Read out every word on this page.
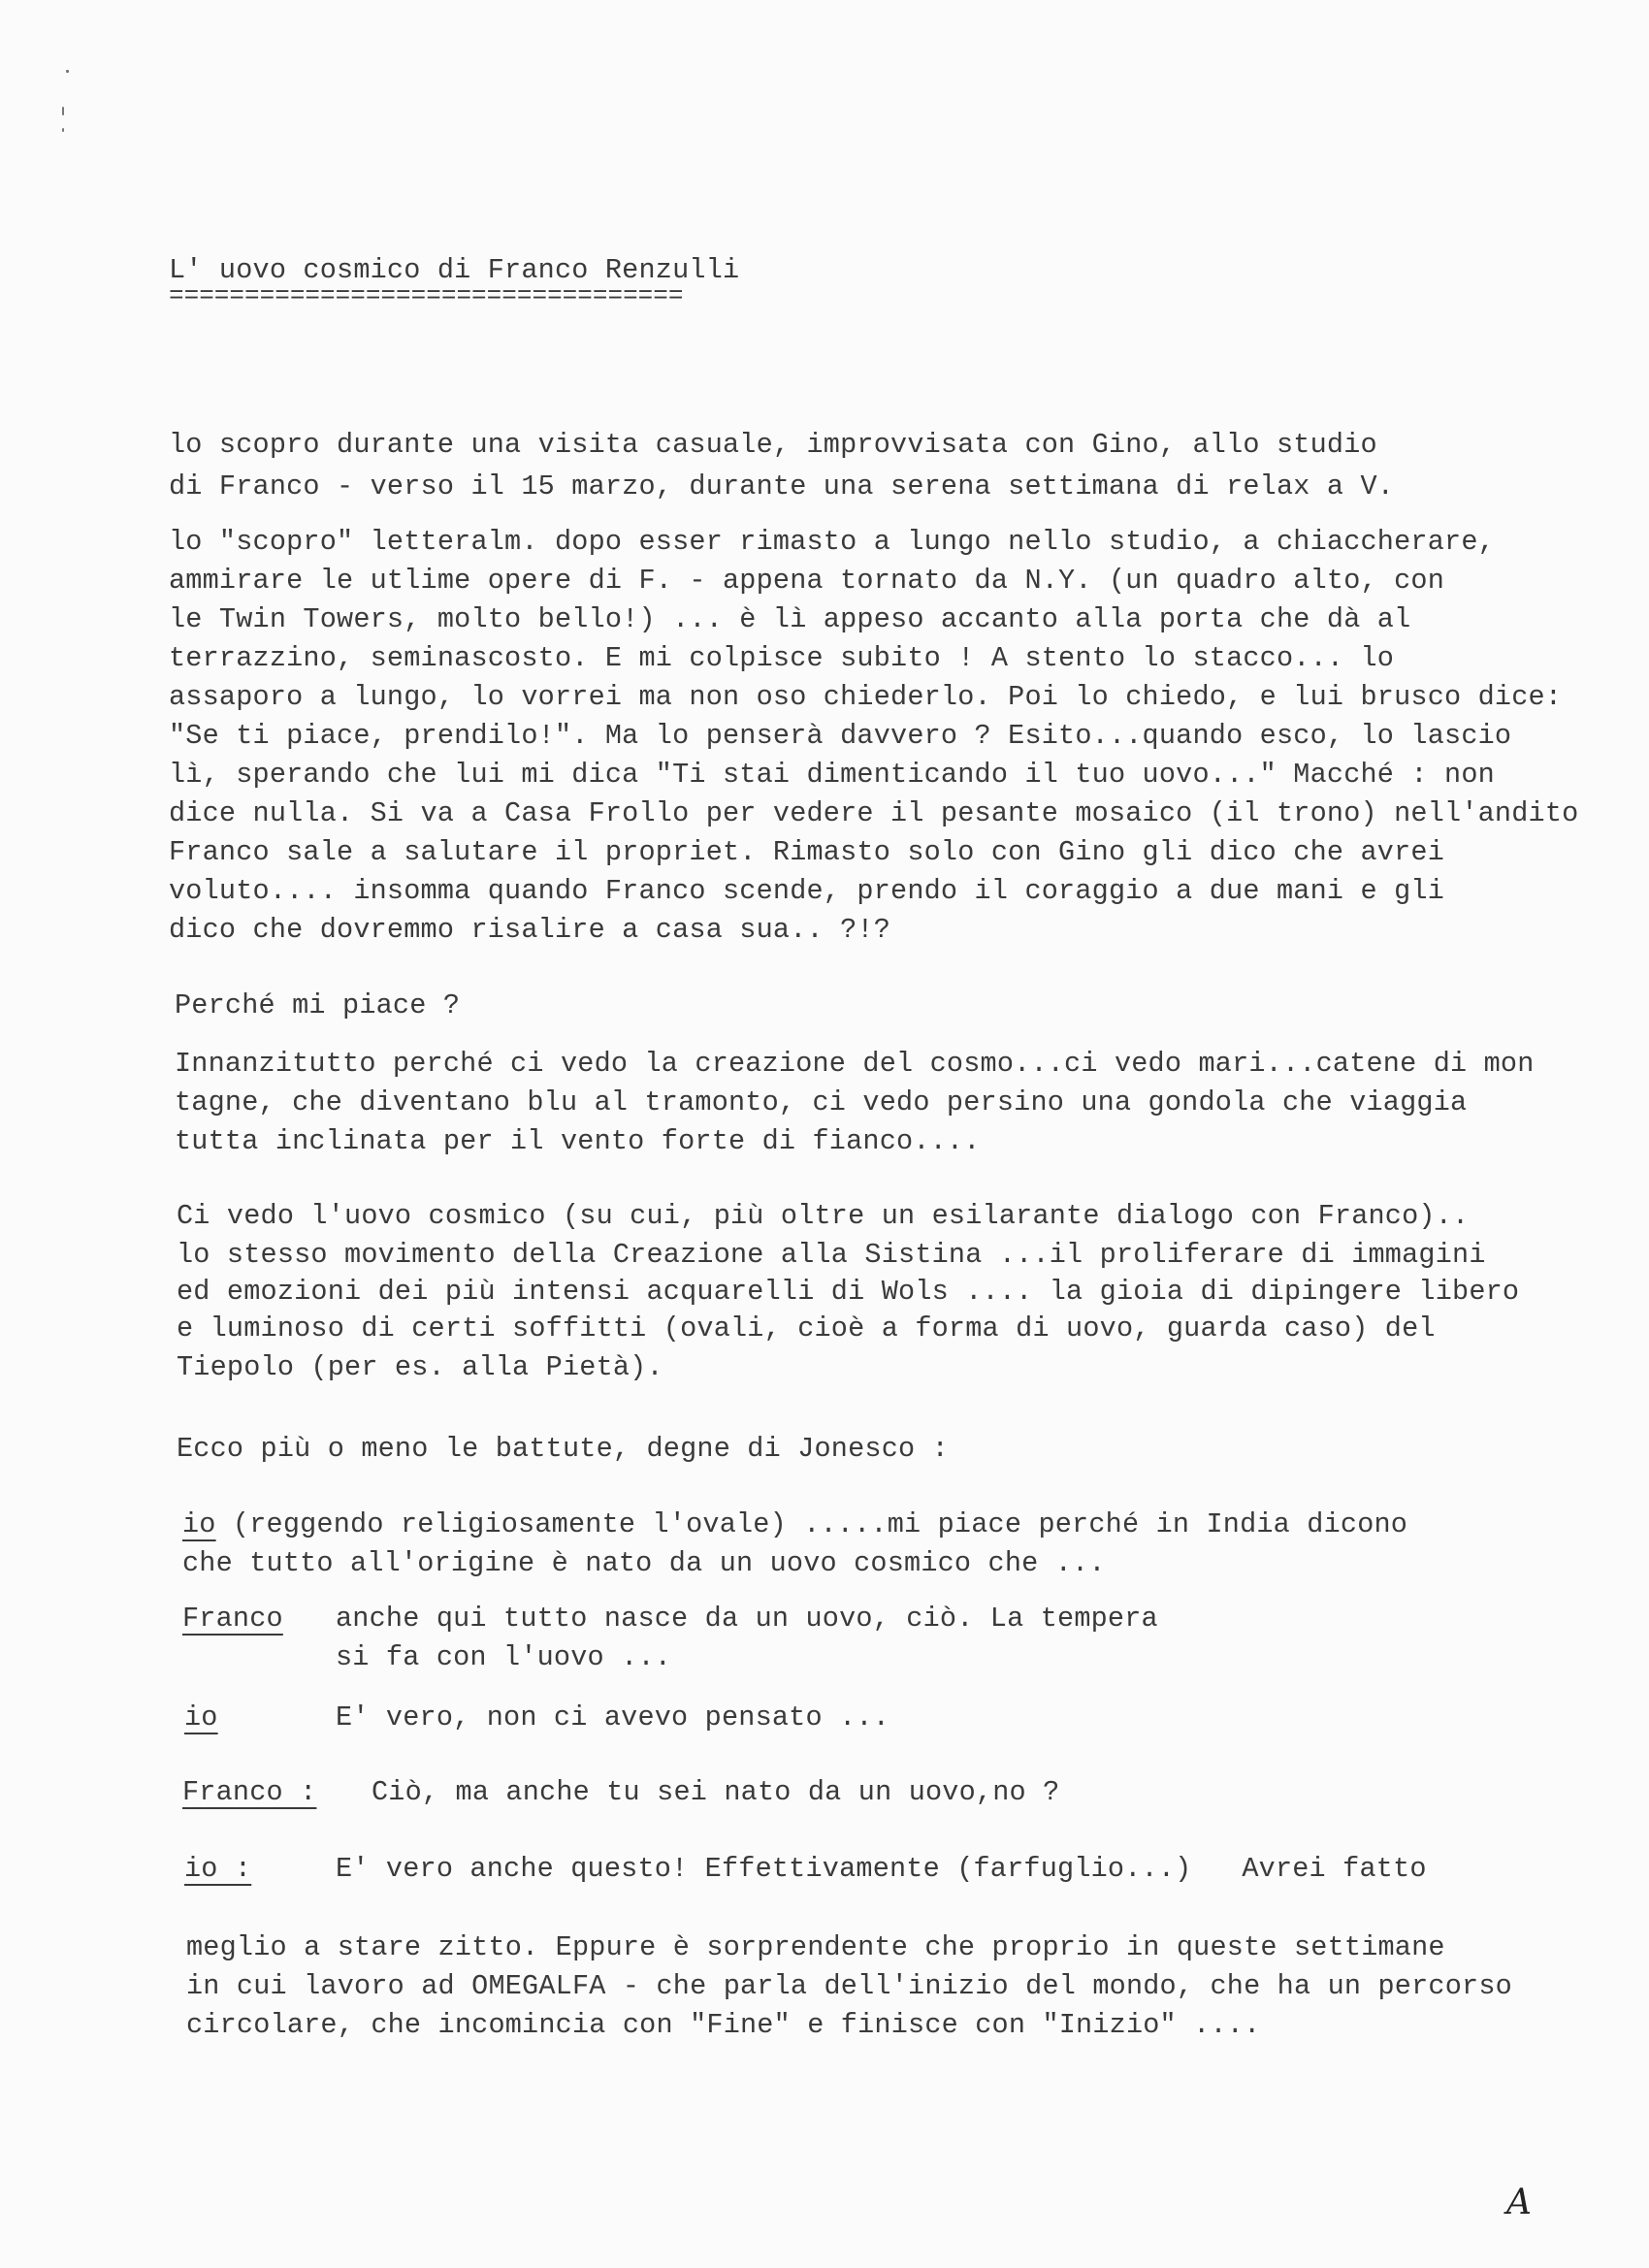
L' uovo cosmico di Franco Renzulli
==================================
lo scopro durante una visita casuale, improvvisata con Gino, allo studio
di Franco - verso il 15 marzo, durante una serena settimana di relax a V.
lo "scopro" letteralm. dopo esser rimasto a lungo nello studio, a chiaccherare,
ammirare le utlime opere di F. - appena tornato da N.Y. (un quadro alto, con
le Twin Towers, molto bello!) ... è lì appeso accanto alla porta che dà al
terrazzino, seminascosto. E mi colpisce subito ! A stento lo stacco... lo
assaporo a lungo, lo vorrei ma non oso chiederlo. Poi lo chiedo, e lui brusco dice:
"Se ti piace, prendilo!". Ma lo penserà davvero ? Esito...quando esco, lo lascio
lì, sperando che lui mi dica "Ti stai dimenticando il tuo uovo..." Macché : non
dice nulla. Si va a Casa Frollo per vedere il pesante mosaico (il trono) nell'andito
Franco sale a salutare il propriet. Rimasto solo con Gino gli dico che avrei
voluto.... insomma quando Franco scende, prendo il coraggio a due mani e gli
dico che dovremmo risalire a casa sua.. ?!?
Perché mi piace ?
Innanzitutto perché ci vedo la creazione del cosmo...ci vedo mari...catene di mon
tagne, che diventano blu al tramonto, ci vedo persino una gondola che viaggia
tutta inclinata per il vento forte di fianco....
Ci vedo l'uovo cosmico (su cui, più oltre un esilarante dialogo con Franco)..
lo stesso movimento della Creazione alla Sistina ...il proliferare di immagini
ed emozioni dei più intensi acquarelli di Wols .... la gioia di dipingere libero
e luminoso di certi soffitti (ovali, cioè a forma di uovo, guarda caso) del
Tiepolo (per es. alla Pietà).
Ecco più o meno le battute, degne di Jonesco :
io (reggendo religiosamente l'ovale) .....mi piace perché in India dicono
che tutto all'origine è nato da un uovo cosmico che ...
Franco anche qui tutto nasce da un uovo, ciò. La tempera
si fa con l'uovo ...
io	E' vero, non ci avevo pensato ...
Franco : Ciò, ma anche tu sei nato da un uovo,no ?
io :	E' vero anche questo! Effettivamente (farfuglio...)   Avrei fatto
meglio a stare zitto. Eppure è sorprendente che proprio in queste settimane
in cui lavoro ad OMEGALFA - che parla dell'inizio del mondo, che ha un percorso
circolare, che incomincia con "Fine" e finisce con "Inizio" ....
A
